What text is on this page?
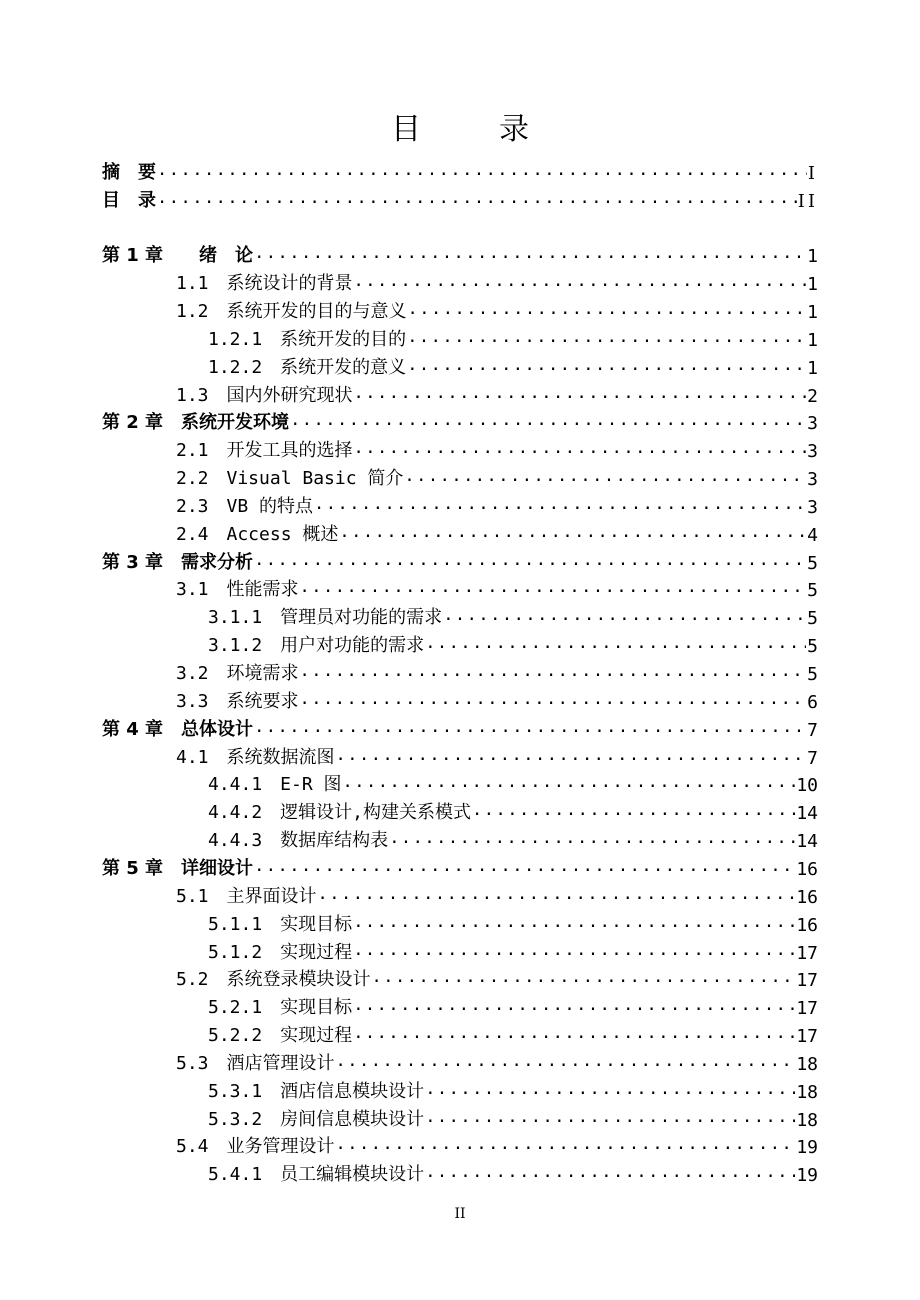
目　录
摘　要 .....	I
目　录 .....	II
第 1 章　　绪　论 .....	1
1.1　系统设计的背景 .....	1
1.2　系统开发的目的与意义 .....	1
1.2.1　系统开发的目的 .....	1
1.2.2　系统开发的意义 .....	1
1.3　国内外研究现状 .....	2
第 2 章　系统开发环境 .....	3
2.1　开发工具的选择 .....	3
2.2　Visual Basic 简介 .....	3
2.3　VB 的特点 .....	3
2.4　Access 概述 .....	4
第 3 章　需求分析 .....	5
3.1　性能需求 .....	5
3.1.1　管理员对功能的需求 .....	5
3.1.2　用户对功能的需求 .....	5
3.2　环境需求 .....	5
3.3　系统要求 .....	6
第 4 章　总体设计 .....	7
4.1　系统数据流图 .....	7
4.4.1　E-R 图 .....	10
4.4.2　逻辑设计,构建关系模式 .....	14
4.4.3　数据库结构表 .....	14
第 5 章　详细设计 .....	16
5.1　主界面设计 .....	16
5.1.1　实现目标 .....	16
5.1.2　实现过程 .....	17
5.2　系统登录模块设计 .....	17
5.2.1　实现目标 .....	17
5.2.2　实现过程 .....	17
5.3　酒店管理设计 .....	18
5.3.1　酒店信息模块设计 .....	18
5.3.2　房间信息模块设计 .....	18
5.4　业务管理设计 .....	19
5.4.1　员工编辑模块设计 .....	19
II
